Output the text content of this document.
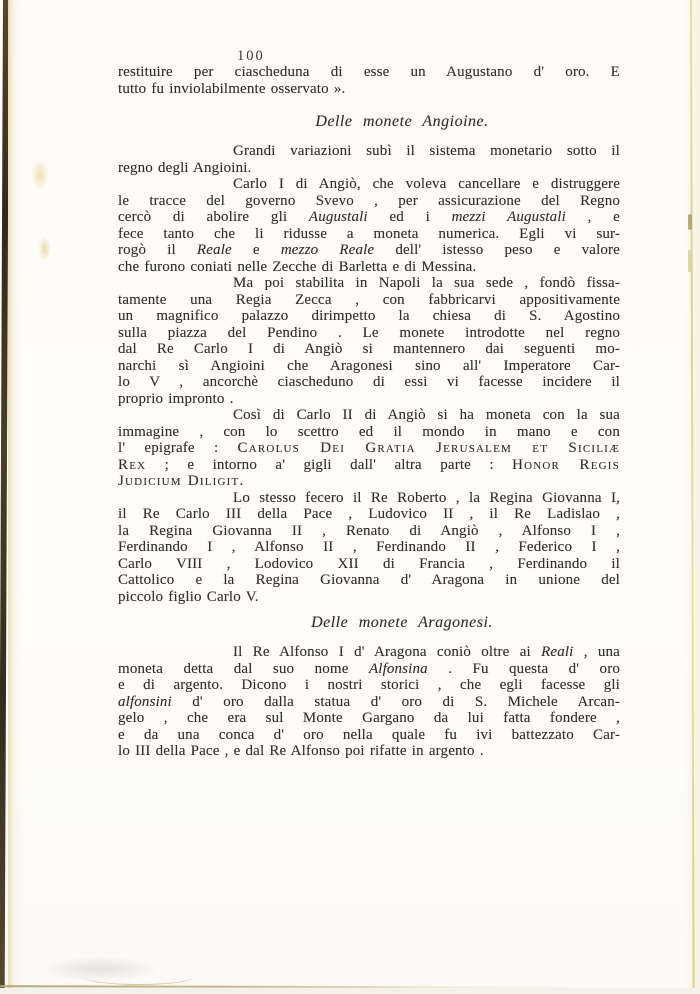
100
restituire per ciascheduna di esse un Augustano d' oro. E
tutto fu inviolabilmente osservato ».
Delle monete Angioine.
Grandi variazioni subì il sistema monetario sotto il
regno degli Angioini.
Carlo I di Angiò, che voleva cancellare e distruggere
le tracce del governo Svevo , per assicurazione del Regno
cercò di abolire gli Augustali ed i mezzi Augustali , e
fece tanto che li ridusse a moneta numerica. Egli vi sur-
rogò il Reale e mezzo Reale dell' istesso peso e valore
che furono coniati nelle Zecche di Barletta e di Messina.
Ma poi stabilita in Napoli la sua sede , fondò fissa-
tamente una Regia Zecca , con fabbricarvi appositivamente
un magnifico palazzo dirimpetto la chiesa di S. Agostino
sulla piazza del Pendino . Le monete introdotte nel regno
dal Re Carlo I di Angiò si mantennero dai seguenti mo-
narchi sì Angioini che Aragonesi sino all' Imperatore Car-
lo V , ancorchè ciascheduno di essi vi facesse incidere il
proprio impronto .
Così di Carlo II di Angiò si ha moneta con la sua
immagine , con lo scettro ed il mondo in mano e con
l' epigrafe : Carolus Dei Gratia Jerusalem et Siciliæ
Rex ; e intorno a' gigli dall' altra parte : Honor Regis
Judicium Diligit.
Lo stesso fecero il Re Roberto , la Regina Giovanna I,
il Re Carlo III della Pace , Ludovico II , il Re Ladislao ,
la Regina Giovanna II , Renato di Angiò , Alfonso I ,
Ferdinando I , Alfonso II , Ferdinando II , Federico I ,
Carlo VIII , Lodovico XII di Francia , Ferdinando il
Cattolico e la Regina Giovanna d' Aragona in unione del
piccolo figlio Carlo V.
Delle monete Aragonesi.
Il Re Alfonso I d' Aragona coniò oltre ai Reali , una
moneta detta dal suo nome Alfonsina . Fu questa d' oro
e di argento. Dicono i nostri storici , che egli facesse gli
alfonsini d' oro dalla statua d' oro di S. Michele Arcan-
gelo , che era sul Monte Gargano da lui fatta fondere ,
e da una conca d' oro nella quale fu ivi battezzato Car-
lo III della Pace , e dal Re Alfonso poi rifatte in argento .
